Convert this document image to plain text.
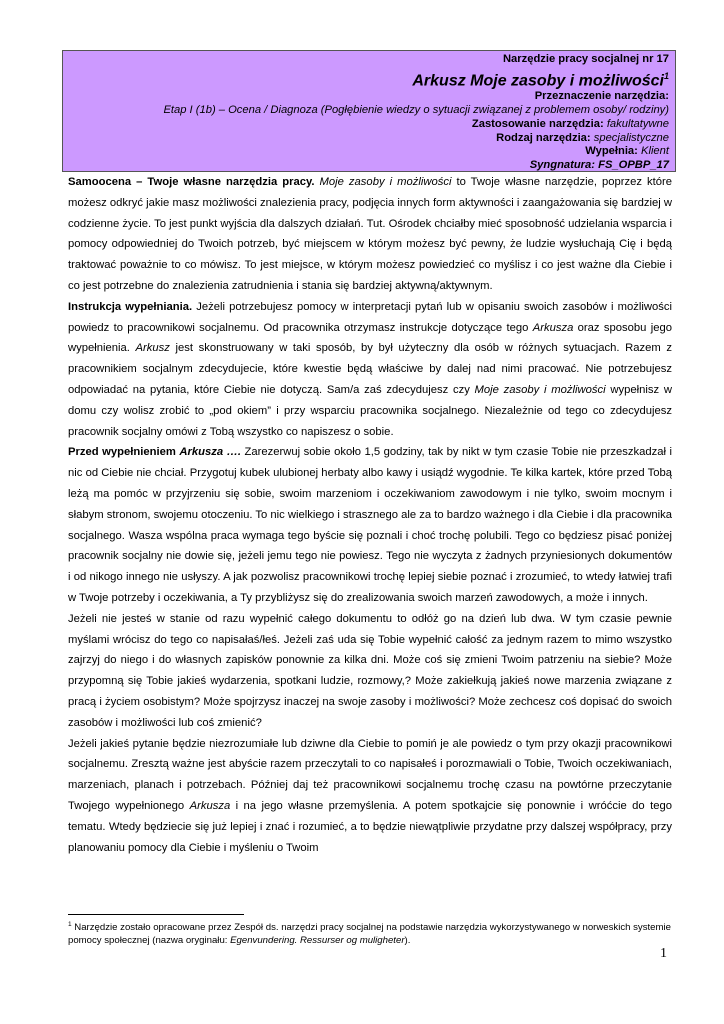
Narzędzie pracy socjalnej nr 17
Arkusz Moje zasoby i możliwości$^1$
Przeznaczenie narzędzia:
Etap I (1b) – Ocena / Diagnoza (Pogłębienie wiedzy o sytuacji związanej z problemem osoby/ rodziny)
Zastosowanie narzędzia: fakultatywne
Rodzaj narzędzia: specjalistyczne
Wypełnia: Klient
Syngnatura: FS_OPBP_17

Samoocena – Twoje własne narzędzia pracy. Moje zasoby i możliwości to Twoje własne narzędzie, poprzez które możesz odkryć jakie masz możliwości znalezienia pracy, podjęcia innych form aktywności i zaangażowania się bardziej w codzienne życie. To jest punkt wyjścia dla dalszych działań. Tut. Ośrodek chciałby mieć sposobność udzielania wsparcia i pomocy odpowiedniej do Twoich potrzeb, być miejscem w którym możesz być pewny, że ludzie wysłuchają Cię i będą traktować poważnie to co mówisz. To jest miejsce, w którym możesz powiedzieć co myślisz i co jest ważne dla Ciebie i co jest potrzebne do znalezienia zatrudnienia i stania się bardziej aktywną/aktywnym.

Instrukcja wypełniania. Jeżeli potrzebujesz pomocy w interpretacji pytań lub w opisaniu swoich zasobów i możliwości powiedz to pracownikowi socjalnemu. Od pracownika otrzymasz instrukcje dotyczące tego Arkusza oraz sposobu jego wypełnienia. Arkusz jest skonstruowany w taki sposób, by był użyteczny dla osób w różnych sytuacjach. Razem z pracownikiem socjalnym zdecydujecie, które kwestie będą właściwe by dalej nad nimi pracować. Nie potrzebujesz odpowiadać na pytania, które Ciebie nie dotyczą. Sam/a zaś zdecydujesz czy Moje zasoby i możliwości wypełnisz w domu czy wolisz zrobić to „pod okiem” i przy wsparciu pracownika socjalnego. Niezależnie od tego co zdecydujesz pracownik socjalny omówi z Tobą wszystko co napiszesz o sobie.

Przed wypełnieniem Arkusza …. Zarezerwuj sobie około 1,5 godziny, tak by nikt w tym czasie Tobie nie przeszkadzał i nic od Ciebie nie chciał. Przygotuj kubek ulubionej herbaty albo kawy i usiądź wygodnie. Te kilka kartek, które przed Tobą leżą ma pomóc w przyjrzeniu się sobie, swoim marzeniom i oczekiwaniom zawodowym i nie tylko, swoim mocnym i słabym stronom, swojemu otoczeniu. To nic wielkiego i strasznego ale za to bardzo ważnego i dla Ciebie i dla pracownika socjalnego. Wasza wspólna praca wymaga tego byście się poznali i choć trochę polubili. Tego co będziesz pisać poniżej pracownik socjalny nie dowie się, jeżeli jemu tego nie powiesz. Tego nie wyczyta z żadnych przyniesionych dokumentów i od nikogo innego nie usłyszy. A jak pozwolisz pracownikowi trochę lepiej siebie poznać i zrozumieć, to wtedy łatwiej trafi w Twoje potrzeby i oczekiwania, a Ty przybliżysz się do zrealizowania swoich marzeń zawodowych, a może i innych.

Jeżeli nie jesteś w stanie od razu wypełnić całego dokumentu to odłóż go na dzień lub dwa. W tym czasie pewnie myślami wrócisz do tego co napisałaś/łeś. Jeżeli zaś uda się Tobie wypełnić całość za jednym razem to mimo wszystko zajrzyj do niego i do własnych zapisków ponownie za kilka dni. Może coś się zmieni Twoim patrzeniu na siebie? Może przypomną się Tobie jakieś wydarzenia, spotkani ludzie, rozmowy,? Może zakiełkują jakieś nowe marzenia związane z pracą i życiem osobistym? Może spojrzysz inaczej na swoje zasoby i możliwości? Może zechcesz coś dopisać do swoich zasobów i możliwości lub coś zmienić?

Jeżeli jakieś pytanie będzie niezrozumiałe lub dziwne dla Ciebie to pomiń je ale powiedz o tym przy okazji pracownikowi socjalnemu. Zresztą ważne jest abyście razem przeczytali to co napisałeś i porozmawiali o Tobie, Twoich oczekiwaniach, marzeniach, planach i potrzebach. Później daj też pracownikowi socjalnemu trochę czasu na powtórne przeczytanie Twojego wypełnionego Arkusza i na jego własne przemyślenia. A potem spotkajcie się ponownie i wróćcie do tego tematu. Wtedy będziecie się już lepiej i znać i rozumieć, a to będzie niewątpliwie przydatne przy dalszej współpracy, przy planowaniu pomocy dla Ciebie i myśleniu o Twoim

$^1$ Narzędzie zostało opracowane przez Zespół ds. narzędzi pracy socjalnej na podstawie narzędzia wykorzystywanego w norweskich systemie pomocy społecznej (nazwa oryginału: Egenvundering. Ressurser og muligheter).
1
